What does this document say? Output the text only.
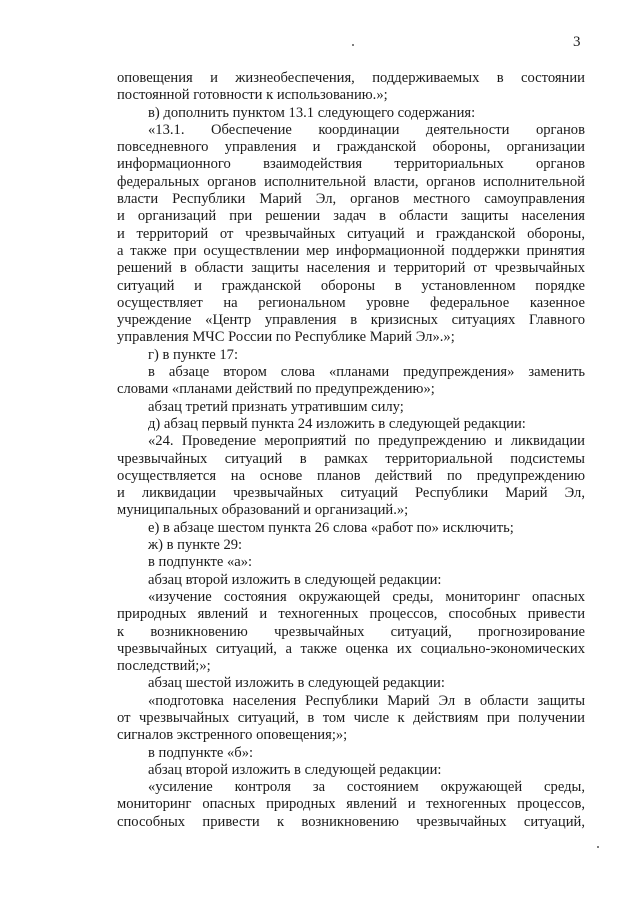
3
оповещения и жизнеобеспечения, поддерживаемых в состоянии
постоянной готовности к использованию.»;
в) дополнить пунктом 13.1 следующего содержания:
«13.1. Обеспечение координации деятельности органов
повседневного управления и гражданской обороны, организации
информационного взаимодействия территориальных органов
федеральных органов исполнительной власти, органов исполнительной
власти Республики Марий Эл, органов местного самоуправления
и организаций при решении задач в области защиты населения
и территорий от чрезвычайных ситуаций и гражданской обороны,
а также при осуществлении мер информационной поддержки принятия
решений в области защиты населения и территорий от чрезвычайных
ситуаций и гражданской обороны в установленном порядке
осуществляет на региональном уровне федеральное казенное
учреждение «Центр управления в кризисных ситуациях Главного
управления МЧС России по Республике Марий Эл».»;
г) в пункте 17:
в абзаце втором слова «планами предупреждения» заменить
словами «планами действий по предупреждению»;
абзац третий признать утратившим силу;
д) абзац первый пункта 24 изложить в следующей редакции:
«24. Проведение мероприятий по предупреждению и ликвидации
чрезвычайных ситуаций в рамках территориальной подсистемы
осуществляется на основе планов действий по предупреждению
и ликвидации чрезвычайных ситуаций Республики Марий Эл,
муниципальных образований и организаций.»;
е) в абзаце шестом пункта 26 слова «работ по» исключить;
ж) в пункте 29:
в подпункте «а»:
абзац второй изложить в следующей редакции:
«изучение состояния окружающей среды, мониторинг опасных
природных явлений и техногенных процессов, способных привести
к возникновению чрезвычайных ситуаций, прогнозирование
чрезвычайных ситуаций, а также оценка их социально-экономических
последствий;»;
абзац шестой изложить в следующей редакции:
«подготовка населения Республики Марий Эл в области защиты
от чрезвычайных ситуаций, в том числе к действиям при получении
сигналов экстренного оповещения;»;
в подпункте «б»:
абзац второй изложить в следующей редакции:
«усиление контроля за состоянием окружающей среды,
мониторинг опасных природных явлений и техногенных процессов,
способных привести к возникновению чрезвычайных ситуаций,
